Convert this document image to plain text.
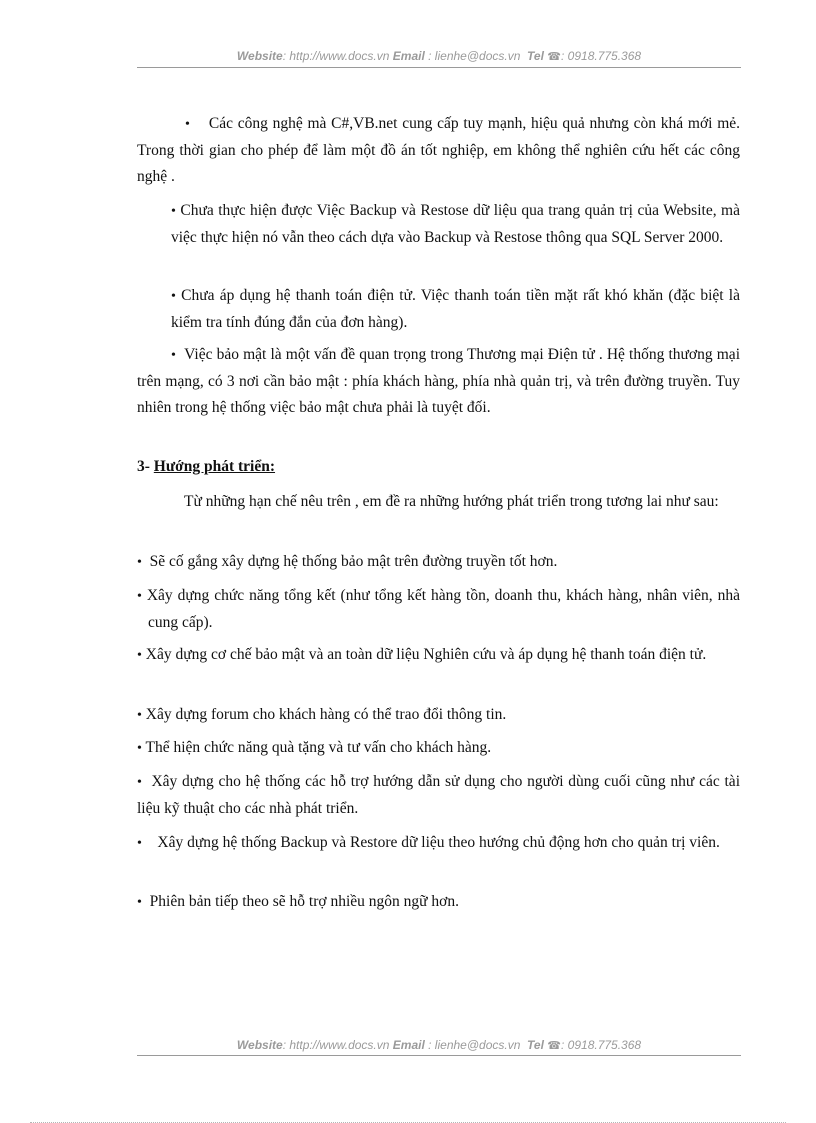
Website: http://www.docs.vn Email : lienhe@docs.vn Tel ☎: 0918.775.368
• Các công nghệ mà C#,VB.net cung cấp tuy mạnh, hiệu quả nhưng còn khá mới mẻ. Trong thời gian cho phép để làm một đồ án tốt nghiệp, em không thể nghiên cứu hết các công nghệ .
• Chưa thực hiện được Việc Backup và Restose dữ liệu qua trang quản trị của Website, mà việc thực hiện nó vẫn theo cách dựa vào Backup và Restose thông qua SQL Server 2000.
• Chưa áp dụng hệ thanh toán điện tử. Việc thanh toán tiền mặt rất khó khăn (đặc biệt là kiểm tra tính đúng đắn của đơn hàng).
• Việc bảo mật là một vấn đề quan trọng trong Thương mại Điện tử . Hệ thống thương mại trên mạng, có 3 nơi cần bảo mật : phía khách hàng, phía nhà quản trị, và trên đường truyền. Tuy nhiên trong hệ thống việc bảo mật chưa phải là tuyệt đối.
3- Hướng phát triển:
Từ những hạn chế nêu trên , em đề ra những hướng phát triển trong tương lai như sau:
• Sẽ cố gắng xây dựng hệ thống bảo mật trên đường truyền tốt hơn.
• Xây dựng chức năng tổng kết (như tổng kết hàng tồn, doanh thu, khách hàng, nhân viên, nhà cung cấp).
• Xây dựng cơ chế bảo mật và an toàn dữ liệu Nghiên cứu và áp dụng hệ thanh toán điện tử.
• Xây dựng forum cho khách hàng có thể trao đổi thông tin.
• Thể hiện chức năng quà tặng và tư vấn cho khách hàng.
• Xây dựng cho hệ thống các hỗ trợ hướng dẫn sử dụng cho người dùng cuối cũng như các tài liệu kỹ thuật cho các nhà phát triển.
• Xây dựng hệ thống Backup và Restore dữ liệu theo hướng chủ động hơn cho quản trị viên.
• Phiên bản tiếp theo sẽ hỗ trợ nhiều ngôn ngữ hơn.
Website: http://www.docs.vn Email : lienhe@docs.vn Tel ☎: 0918.775.368
